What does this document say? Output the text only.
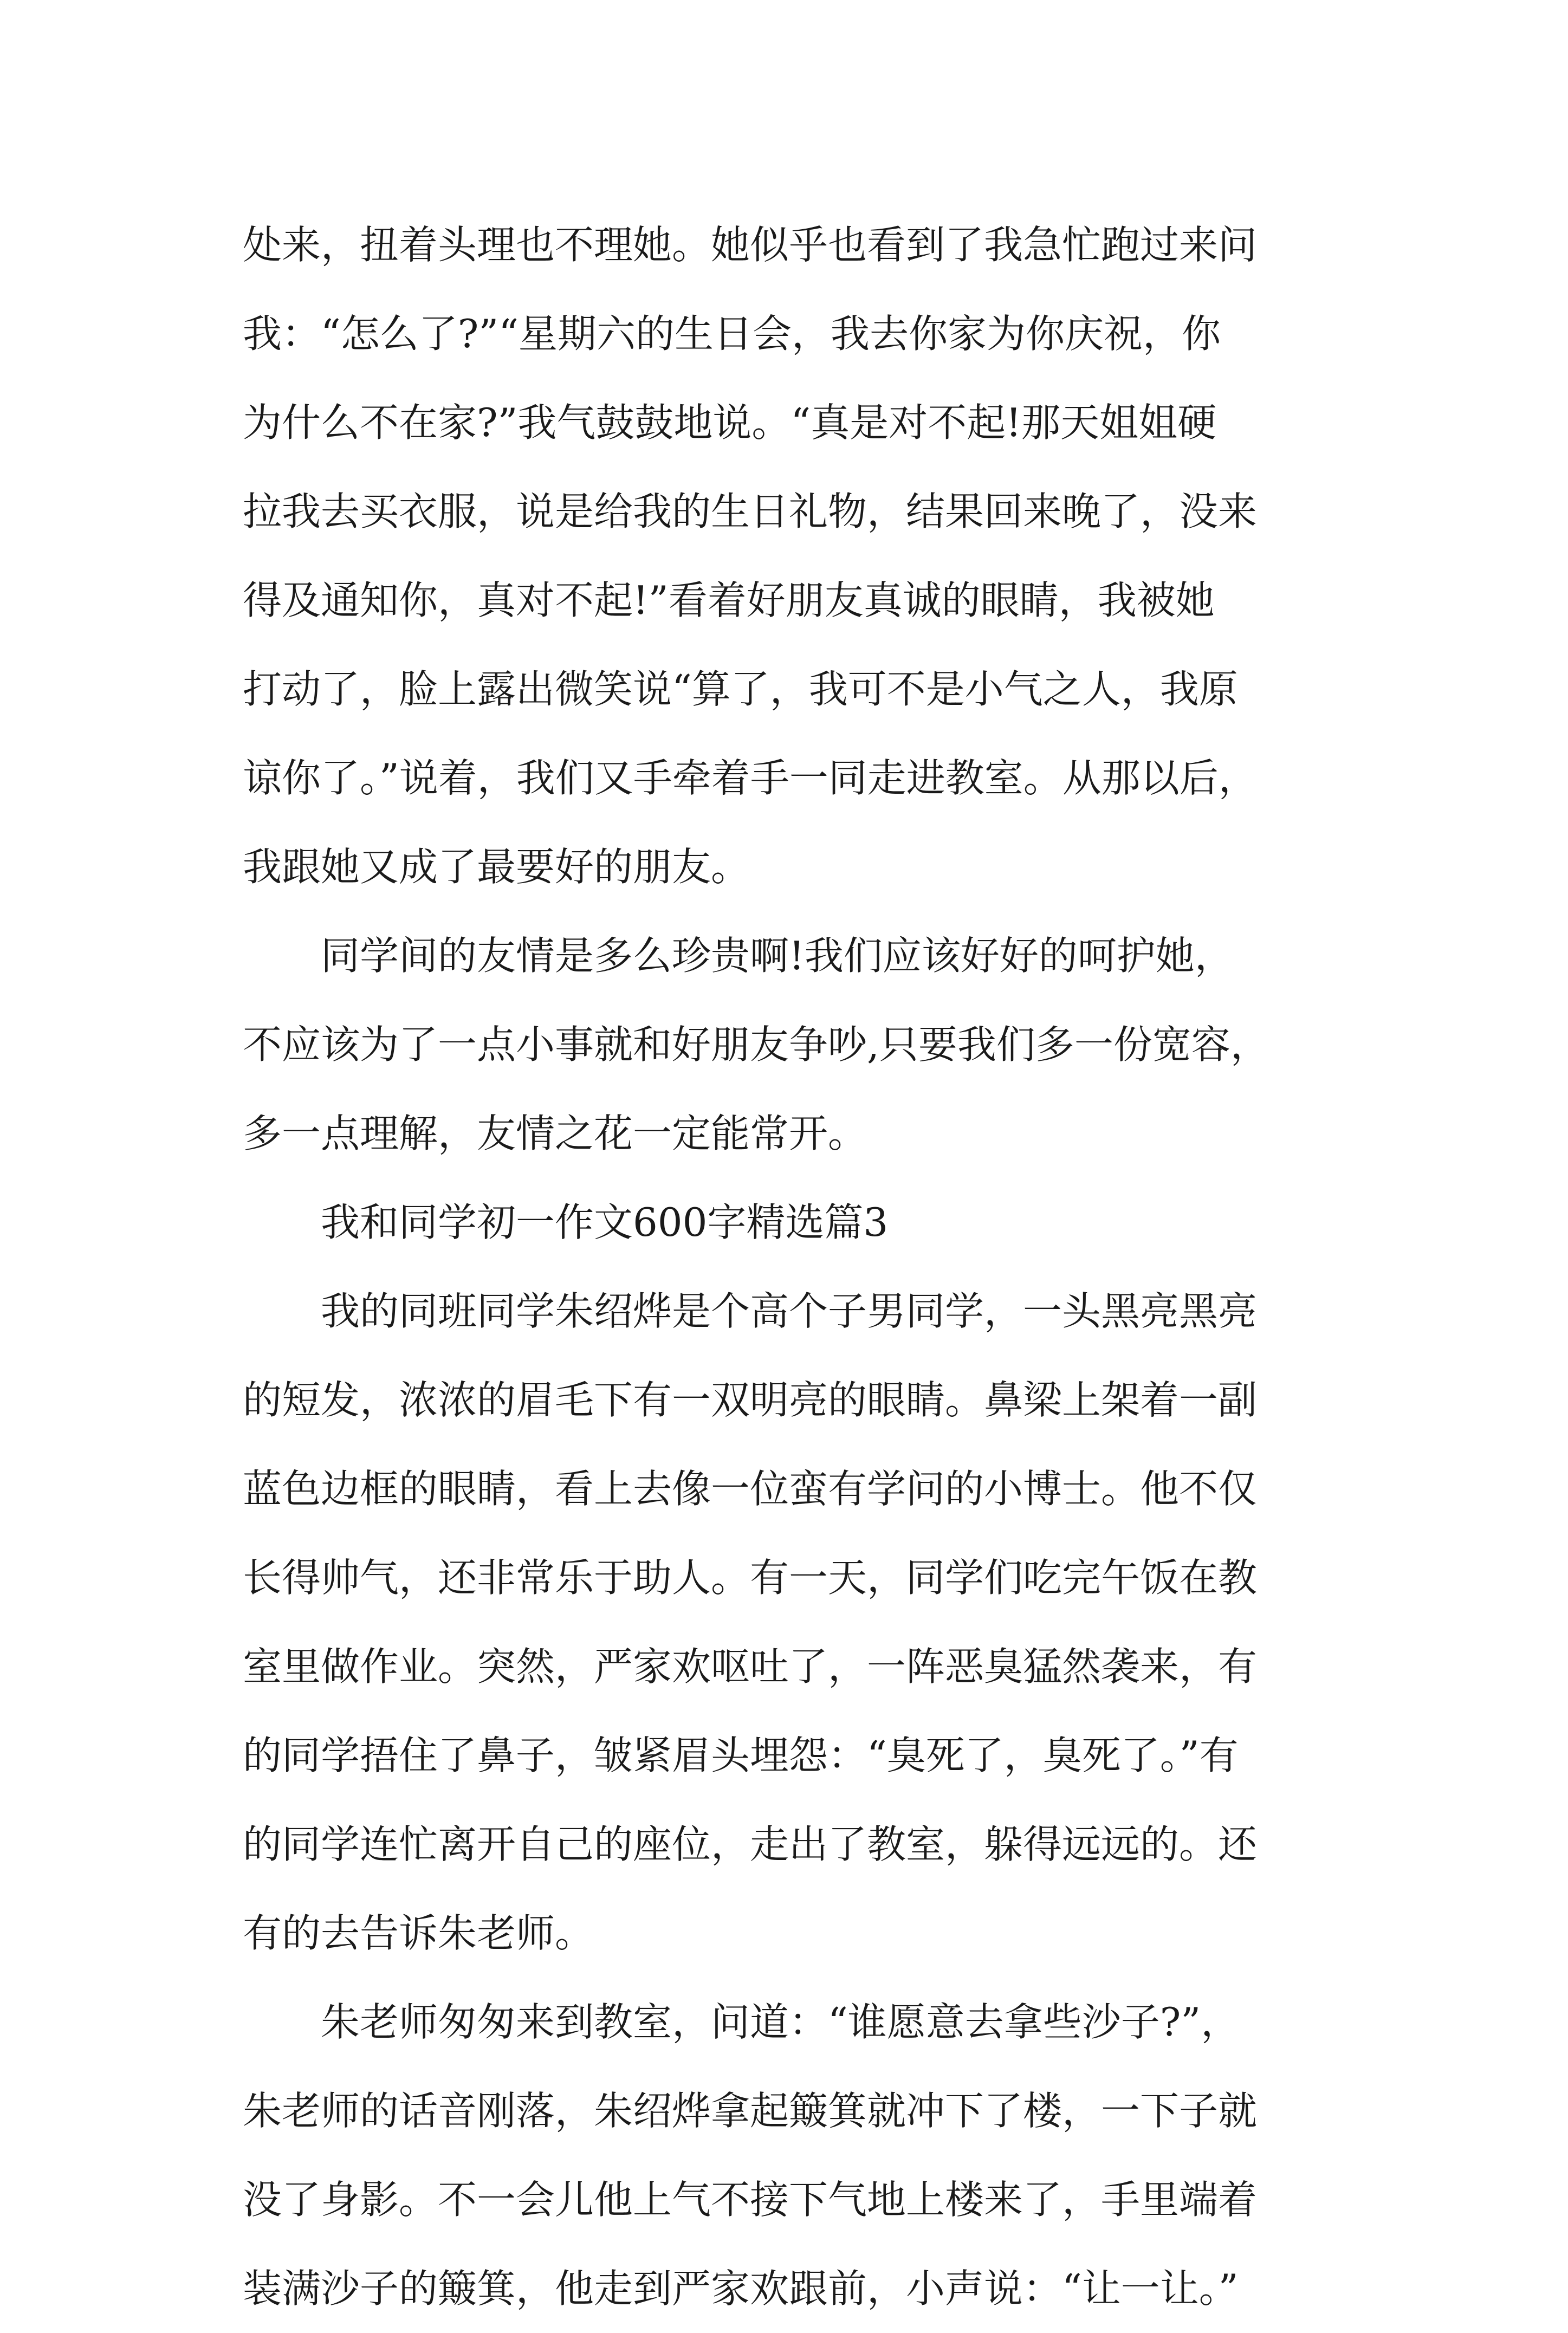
处来，扭着头理也不理她。她似乎也看到了我急忙跑过来问
我：“怎么了?”“星期六的生日会，我去你家为你庆祝，你
为什么不在家?”我气鼓鼓地说。“真是对不起!那天姐姐硬
拉我去买衣服，说是给我的生日礼物，结果回来晚了，没来
得及通知你，真对不起!”看着好朋友真诚的眼睛，我被她
打动了，脸上露出微笑说“算了，我可不是小气之人，我原
谅你了。”说着，我们又手牵着手一同走进教室。从那以后，
我跟她又成了最要好的朋友。
同学间的友情是多么珍贵啊!我们应该好好的呵护她，
不应该为了一点小事就和好朋友争吵,只要我们多一份宽容，
多一点理解，友情之花一定能常开。
我和同学初一作文600字精选篇3
我的同班同学朱绍烨是个高个子男同学，一头黑亮黑亮
的短发，浓浓的眉毛下有一双明亮的眼睛。鼻梁上架着一副
蓝色边框的眼睛，看上去像一位蛮有学问的小博士。他不仅
长得帅气，还非常乐于助人。有一天，同学们吃完午饭在教
室里做作业。突然，严家欢呕吐了，一阵恶臭猛然袭来，有
的同学捂住了鼻子，皱紧眉头埋怨：“臭死了，臭死了。”有
的同学连忙离开自己的座位，走出了教室，躲得远远的。还
有的去告诉朱老师。
朱老师匆匆来到教室，问道：“谁愿意去拿些沙子?”，
朱老师的话音刚落，朱绍烨拿起簸箕就冲下了楼，一下子就
没了身影。不一会儿他上气不接下气地上楼来了，手里端着
装满沙子的簸箕，他走到严家欢跟前，小声说：“让一让。”
